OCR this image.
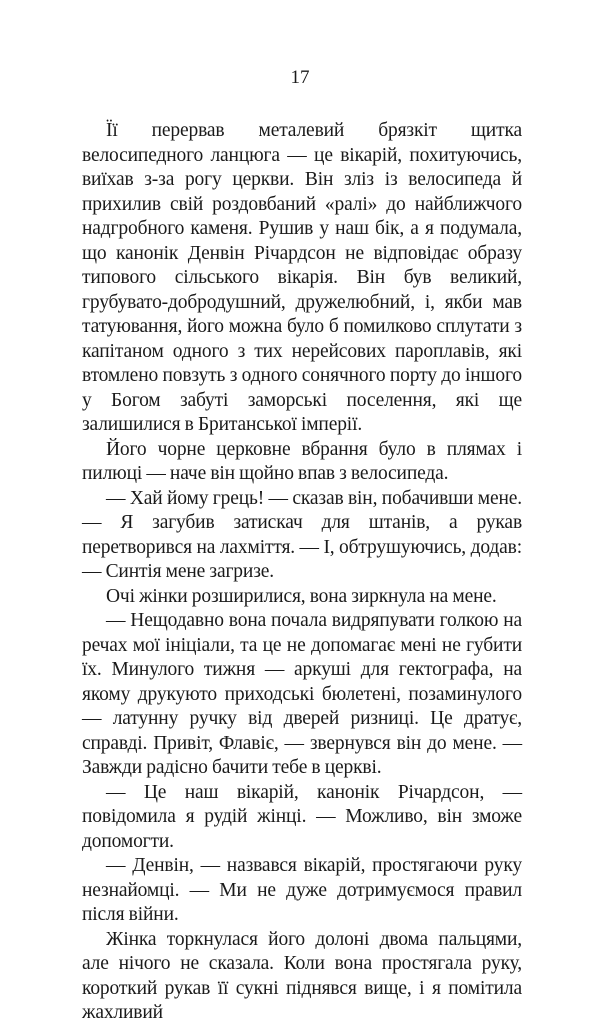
17

Її перервав металевий брязкіт щитка велосипедного ланцюга — це вікарій, похитуючись, виїхав з-за рогу церкви. Він зліз із велосипеда й прихилив свій роздовбаний «ралі» до найближчого надгробного каменя. Рушив у наш бік, а я подумала, що канонік Денвін Річардсон не відповідає образу типового сільського вікарія. Він був великий, грубувато-добродушний, дружелюбний, і, якби мав татуювання, його можна було б помилково сплутати з капітаном одного з тих нерейсових пароплавів, які втомлено повзуть з одного сонячного порту до іншого у Богом забуті заморські поселення, які ще залишилися в Британської імперії.

Його чорне церковне вбрання було в плямах і пилюці — наче він щойно впав з велосипеда.

— Хай йому грець! — сказав він, побачивши мене. — Я загубив затискач для штанів, а рукав перетворився на лахміття. — І, обтрушуючись, додав: — Синтія мене загризе.

Очі жінки розширилися, вона зиркнула на мене.

— Нещодавно вона почала видряпувати голкою на речах мої ініціали, та це не допомагає мені не губити їх. Минулого тижня — аркуші для гектографа, на якому друкуюто приходські бюлетені, позаминулого — латунну ручку від дверей ризниці. Це дратує, справді. Привіт, Флавіє, — звернувся він до мене. — Завжди радісно бачити тебе в церкві.

— Це наш вікарій, канонік Річардсон, — повідомила я рудій жінці. — Можливо, він зможе допомогти.

— Денвін, — назвався вікарій, простягаючи руку незнайомці. — Ми не дуже дотримуємося правил після війни.

Жінка торкнулася його долоні двома пальцями, але нічого не сказала. Коли вона простягала руку, короткий рукав її сукні піднявся вище, і я помітила жахливий
